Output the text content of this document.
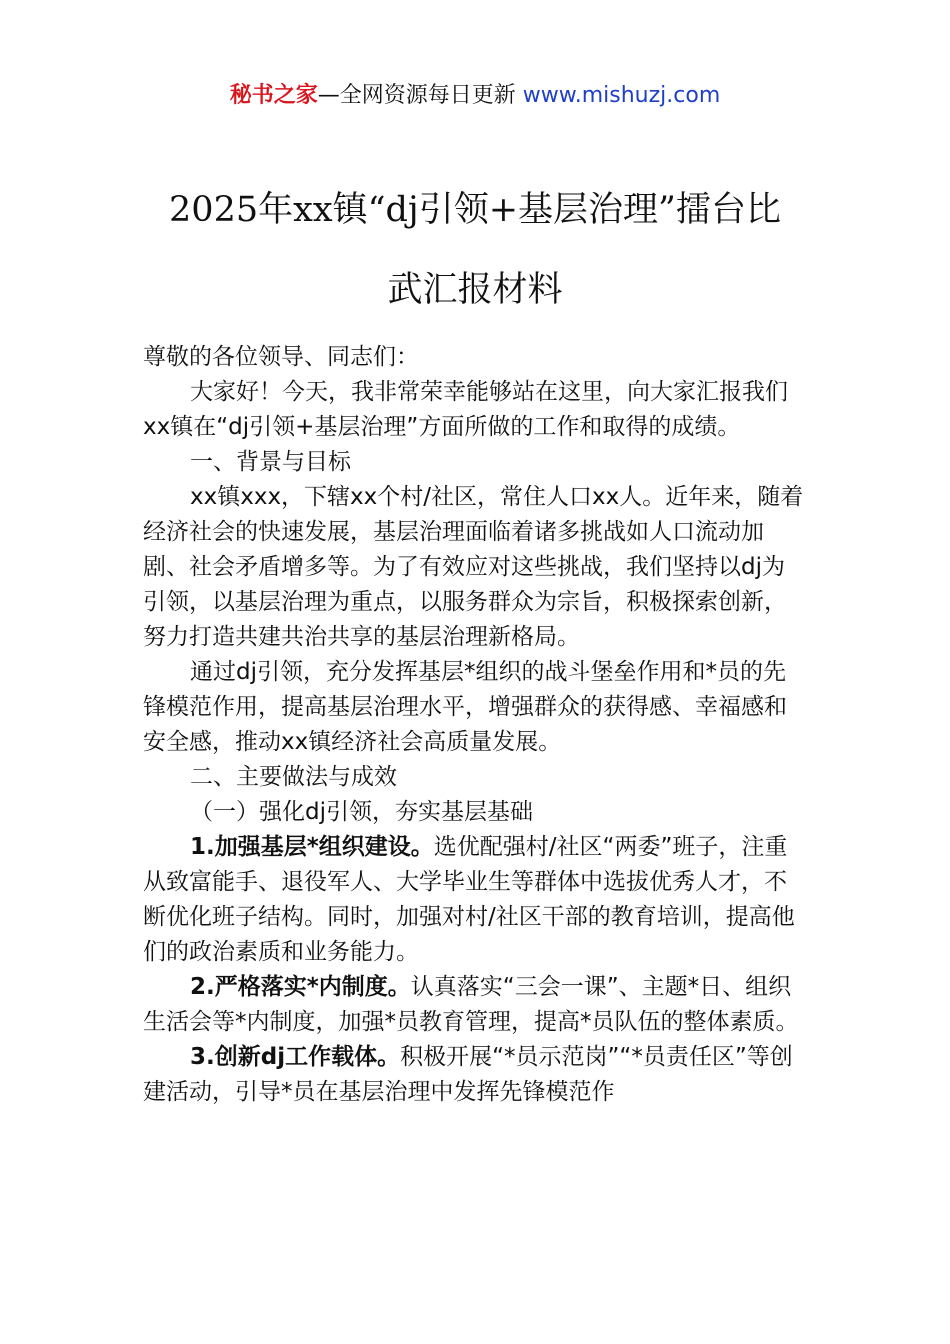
秘书之家—全网资源每日更新 www.mishuzj.com
2025年xx镇“dj引领+基层治理”擂台比
武汇报材料

尊敬的各位领导、同志们：

大家好！今天，我非常荣幸能够站在这里，向大家汇报我们xx镇在“dj引领+基层治理”方面所做的工作和取得的成绩。

一、背景与目标

xx镇xxx，下辖xx个村/社区，常住人口xx人。近年来，随着经济社会的快速发展，基层治理面临着诸多挑战如人口流动加剧、社会矛盾增多等。为了有效应对这些挑战，我们坚持以dj为引领，以基层治理为重点，以服务群众为宗旨，积极探索创新，努力打造共建共治共享的基层治理新格局。

通过dj引领，充分发挥基层*组织的战斗堡垒作用和*员的先锋模范作用，提高基层治理水平，增强群众的获得感、幸福感和安全感，推动xx镇经济社会高质量发展。

二、主要做法与成效

（一）强化dj引领，夯实基层基础

1.加强基层*组织建设。选优配强村/社区“两委”班子，注重从致富能手、退役军人、大学毕业生等群体中选拔优秀人才，不断优化班子结构。同时，加强对村/社区干部的教育培训，提高他们的政治素质和业务能力。

2.严格落实*内制度。认真落实“三会一课”、主题*日、组织生活会等*内制度，加强*员教育管理，提高*员队伍的整体素质。

3.创新dj工作载体。积极开展“*员示范岗”“*员责任区”等创建活动，引导*员在基层治理中发挥先锋模范作
